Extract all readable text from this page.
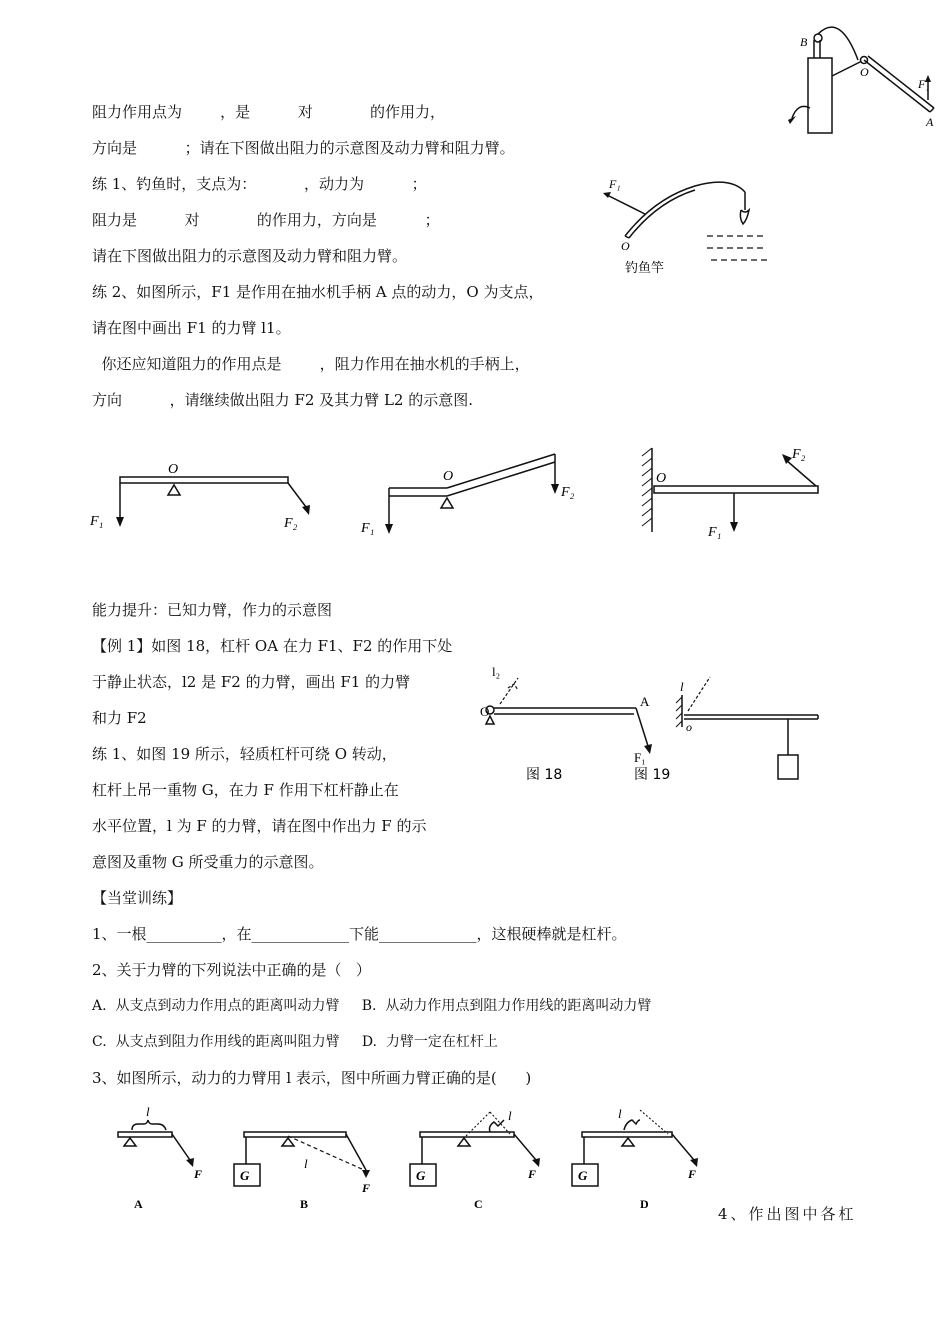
阻力作用点为        ，是          对            的作用力，
方向是          ；请在下图做出阻力的示意图及动力臂和阻力臂。
练 1、钓鱼时，支点为：          ，动力为          ；
阻力是          对            的作用力，方向是          ；
请在下图做出阻力的示意图及动力臂和阻力臂。
练 2、如图所示，F1 是作用在抽水机手柄 A 点的动力，O 为支点，
请在图中画出 F1 的力臂 l1。
你还应知道阻力的作用点是        ，阻力作用在抽水机的手柄上，
方向          ，请继续做出阻力 F2 及其力臂 L2 的示意图.
能力提升：已知力臂，作力的示意图
【例 1】如图 18，杠杆 OA 在力 F1、F2 的作用下处
于静止状态，l2 是 F2 的力臂，画出 F1 的力臂
和力 F2
练 1、如图 19 所示，轻质杠杆可绕 O 转动，
杠杆上吊一重物 G，在力 F 作用下杠杆静止在
水平位置，l 为 F 的力臂，请在图中作出力 F 的示
意图及重物 G 所受重力的示意图。
【当堂训练】
1、一根__________，在_____________下能_____________，这根硬棒就是杠杆。
2、关于力臂的下列说法中正确的是（   ）
A.  从支点到动力作用点的距离叫动力臂     B.  从动力作用点到阻力作用线的距离叫动力臂
C.  从支点到阻力作用线的距离叫阻力臂     D.  力臂一定在杠杆上
3、如图所示，动力的力臂用 l 表示，图中所画力臂正确的是(      )
4、作出图中各杠
B
O
F₁
A
F₁
O
钓鱼竿
O
F₁	F₂
O
F₁
F₂
O
F₂
F₁
l₂
O
A
F₁
图 18
l
o
图 19
l
F
A
G
l
F
B
G
l
F
C
G
l
F
D
